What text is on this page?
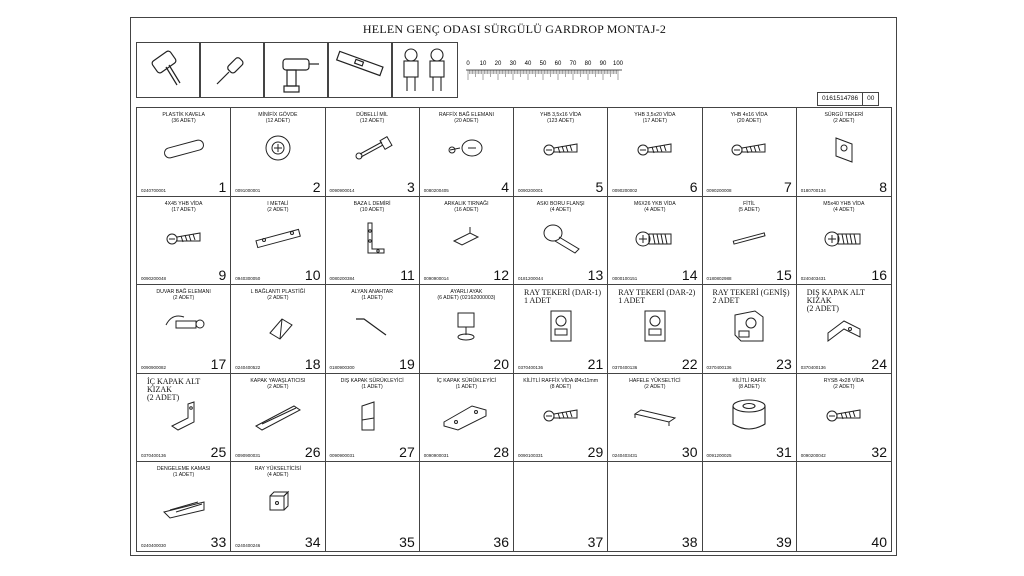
HELEN GENÇ ODASI SÜRGÜLÜ GARDROP MONTAJ-2
0 10 20 30 40 50 60 70 80 90 100
0161514786	00
PLASTİK KAVELA
(36 ADET)
0240700001	1
MİNİFİX GÖVDE
(12 ADET)
0091000001	2
DÜBELLİ MİL
(12 ADET)
0090900014	3
RAFFİX BAĞ ELEMANI
(20 ADET)
0080200405	4
YHB 3,5x16 VİDA
(123 ADET)
0090200001	5
YHB 3,5x20 VİDA
(17 ADET)
0090200002	6
YHB 4x16 VİDA
(20 ADET)
0090200008	7
SÜRGÜ TEKERİ
(2 ADET)
0180700134	8
4X45 YHB VİDA
(17 ADET)
0090200048	9
I METALİ
(2 ADET)
0940300050	10
BAZA L DEMİRİ
(10 ADET)
0080200384	11
ARKALIK TIRNAĞI
(16 ADET)
0090900014	12
ASKI BORU FLANŞI
(4 ADET)
0181200044	13
M6X26 YKB VİDA
(4 ADET)
0000100151	14
FİTİL
(5 ADET)
0180802988	15
M5x40 YHB VİDA
(4 ADET)
0240403431	16
DUVAR BAĞ ELEMANI
(2 ADET)
0090900082	17
L BAĞLANTI PLASTİĞİ
(2 ADET)
0240400522	18
ALYAN ANAHTAR
(1 ADET)
0180900300	19
AYARLI AYAK
(6 ADET) (02162000003)
20
RAY TEKERİ (DAR-1)
1 ADET
0370400136	21
RAY TEKERİ (DAR-2)
1 ADET
0370400136	22
RAY TEKERİ (GENİŞ)
2 ADET
0370400136	23
DIŞ KAPAK ALT KIZAK
(2 ADET)
0370400136	24
İÇ KAPAK ALT KIZAK
(2 ADET)
0370400136	25
KAPAK YAVAŞLATICISI
(2 ADET)
0090900031	26
DIŞ KAPAK SÜRÜKLEYİCİ
(1 ADET)
0090900031	27
İÇ KAPAK SÜRÜKLEYİCİ
(1 ADET)
0090900031	28
KİLİTLİ RAFFİX VİDA Ø4x11mm
(8 ADET)
0090100331	29
HAFELE YÜKSELTİCİ
(2 ADET)
0240403431	30
KİLİTLİ RAFİX
(8 ADET)
0091200025	31
RYSB 4x28 VİDA
(2 ADET)
0090200042	32
DENGELEME KAMASI
(1 ADET)
0240400030	33
RAY YÜKSELTİCİSİ
(4 ADET)
0240400246	34	35	36	37	38	39	40
